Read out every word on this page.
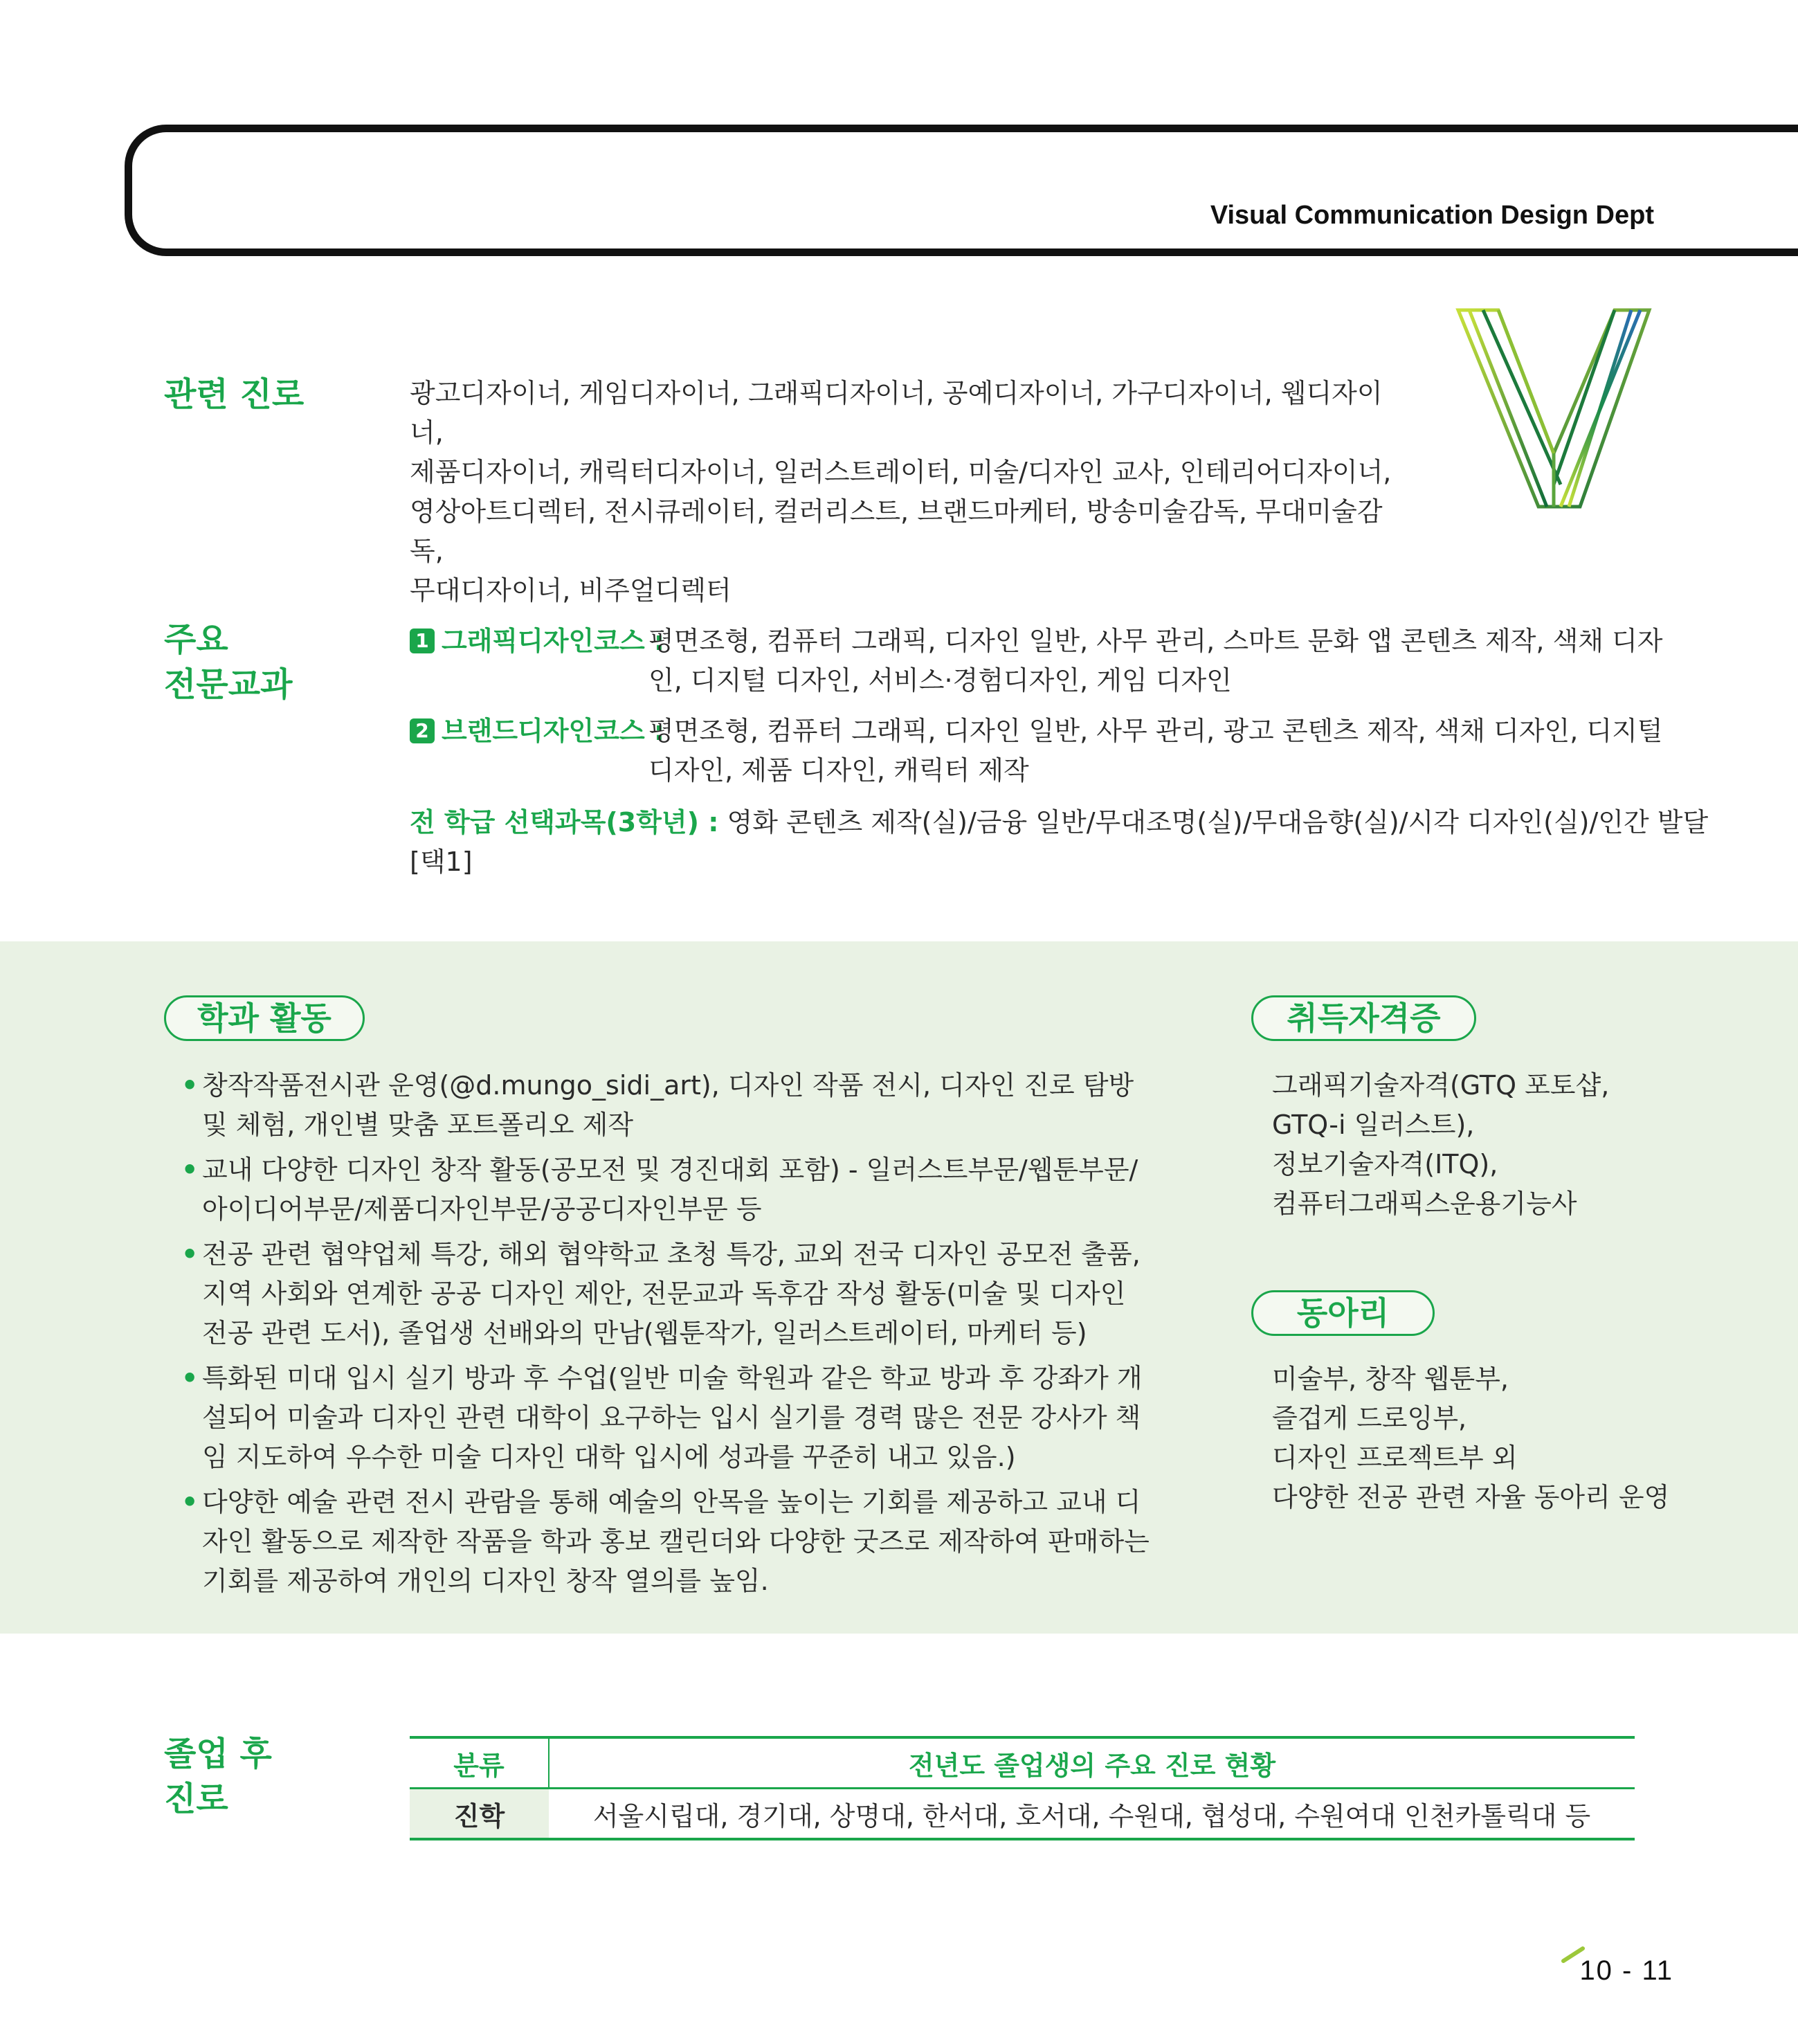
Visual Communication Design Dept
관련 진로	광고디자이너, 게임디자이너, 그래픽디자이너, 공예디자이너, 가구디자이너, 웹디자이너,
제품디자이너, 캐릭터디자이너, 일러스트레이터, 미술/디자인 교사, 인테리어디자이너,
영상아트디렉터, 전시큐레이터, 컬러리스트, 브랜드마케터, 방송미술감독, 무대미술감독,
무대디자이너, 비주얼디렉터
주요
전문교과
1 그래픽디자인코스 :
평면조형, 컴퓨터 그래픽, 디자인 일반, 사무 관리, 스마트 문화 앱 콘텐츠 제작, 색채 디자인, 디지털 디자인, 서비스·경험디자인, 게임 디자인
2 브랜드디자인코스 :
평면조형, 컴퓨터 그래픽, 디자인 일반, 사무 관리, 광고 콘텐츠 제작, 색채 디자인, 디지털 디자인, 제품 디자인, 캐릭터 제작
전 학급 선택과목(3학년) : 영화 콘텐츠 제작(실)/금융 일반/무대조명(실)/무대음향(실)/시각 디자인(실)/인간 발달[택1]
학과 활동
• 창작작품전시관 운영(@d.mungo_sidi_art), 디자인 작품 전시, 디자인 진로 탐방 및 체험, 개인별 맞춤 포트폴리오 제작
• 교내 다양한 디자인 창작 활동(공모전 및 경진대회 포함) - 일러스트부문/웹툰부문/ 아이디어부문/제품디자인부문/공공디자인부문 등
• 전공 관련 협약업체 특강, 해외 협약학교 초청 특강, 교외 전국 디자인 공모전 출품, 지역 사회와 연계한 공공 디자인 제안, 전문교과 독후감 작성 활동(미술 및 디자인 전공 관련 도서), 졸업생 선배와의 만남(웹툰작가, 일러스트레이터, 마케터 등)
• 특화된 미대 입시 실기 방과 후 수업(일반 미술 학원과 같은 학교 방과 후 강좌가 개설되어 미술과 디자인 관련 대학이 요구하는 입시 실기를 경력 많은 전문 강사가 책임 지도하여 우수한 미술 디자인 대학 입시에 성과를 꾸준히 내고 있음.)
• 다양한 예술 관련 전시 관람을 통해 예술의 안목을 높이는 기회를 제공하고 교내 디자인 활동으로 제작한 작품을 학과 홍보 캘린더와 다양한 굿즈로 제작하여 판매하는 기회를 제공하여 개인의 디자인 창작 열의를 높임.
취득자격증
그래픽기술자격(GTQ 포토샵,
GTQ-i 일러스트),
정보기술자격(ITQ),
컴퓨터그래픽스운용기능사
동아리
미술부, 창작 웹툰부,
즐겁게 드로잉부,
디자인 프로젝트부 외
다양한 전공 관련 자율 동아리 운영
졸업 후
진로
분류	전년도 졸업생의 주요 진로 현황
진학	서울시립대, 경기대, 상명대, 한서대, 호서대, 수원대, 협성대, 수원여대 인천카톨릭대 등
10 - 11
